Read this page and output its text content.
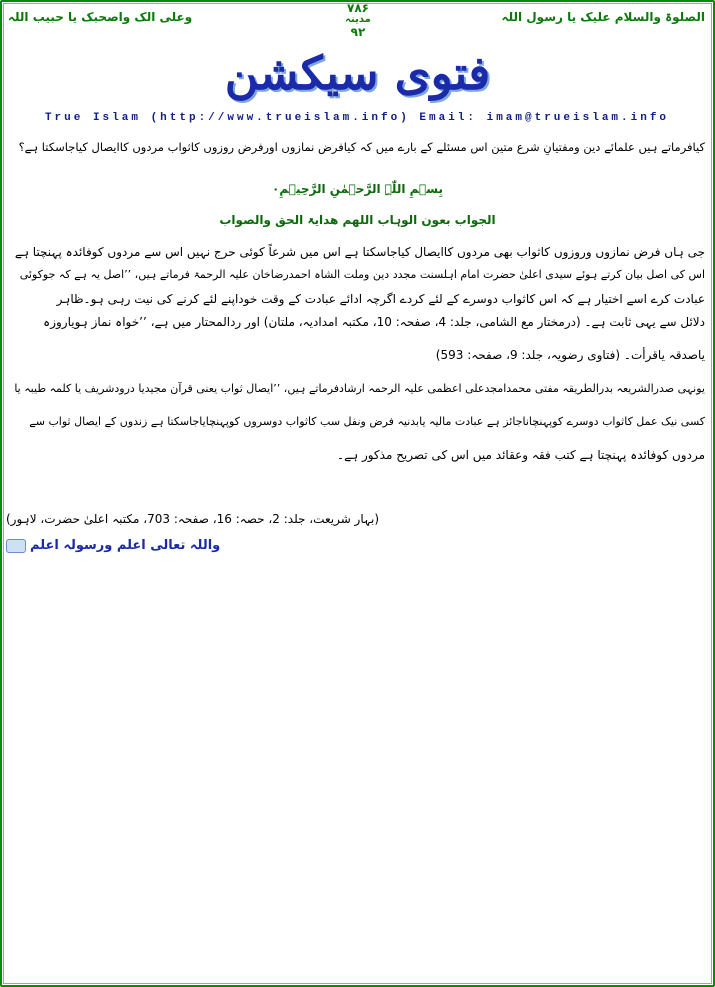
الصلوۃ والسلام علیک یا رسول اللہ
وعلی الک واصحبک یا حبیب اللہ
۷۸۶
مدینہ
۹۲
فتوی سیکشن
True Islam (http://www.trueislam.info) Email: imam@trueislam.info
کیافرماتے ہیں علمائے دین ومفتیانِ شرع متین اس مسئلے کے بارے میں کہ کیافرض نمازوں اورفرض روزوں کاثواب مردوں کاایصال کیاجاسکتا ہے؟
بِسۡمِ اللّٰہِ الرَّحۡمٰنِ الرَّحِیۡمِ۰
الجواب بعون الوہاب اللھم ھدایۃ الحق والصواب
جی ہاں فرض نمازوں وروزوں کاثواب بھی مردوں کاایصال کیاجاسکتا ہے اس میں شرعاً کوئی حرج نہیں اس سے مردوں کوفائدہ پہنچتا ہے
اس کی اصل بیان کرتے ہوئے سیدی اعلیٰ حضرت امام اہلسنت مجدد دین وملت الشاہ احمدرضاخان علیہ الرحمۃ فرماتے ہیں، ’’اصل یہ ہے کہ جوکوئی
عبادت کرے اسے اختیار ہے کہ اس کاثواب دوسرے کے لئے کردے اگرچہ ادائے عبادت کے وقت خوداپنے لئے کرنے کی نیت رہی ہو۔ظاہر
دلائل سے یہی ثابت ہے۔ (درمختار مع الشامی، جلد: 4، صفحہ: 10، مکتبہ امدادیہ، ملتان) اور ردالمحتار میں ہے، ’’خواہ نماز ہویاروزہ
یاصدقہ یاقرأت۔ (فتاوی رضویہ، جلد: 9، صفحہ: 593)
یونہی صدرالشریعہ بدرالطریقہ مفتی محمدامجدعلی اعظمی علیہ الرحمہ ارشادفرماتے ہیں، ’’ایصال ثواب یعنی قرآن مجیدیا درودشریف یا کلمہ طیبہ یا
کسی نیک عمل کاثواب دوسرے کوپہنچاناجائز ہے عبادت مالیہ یابدنیہ فرض ونفل سب کاثواب دوسروں کوپہنچایاجاسکتا ہے زندوں کے ایصال ثواب سے
مردوں کوفائدہ پہنچتا ہے کتب فقہ وعقائد میں اس کی تصریح مذکور ہے۔
(بہار شریعت، جلد: 2، حصہ: 16، صفحہ: 703، مکتبہ اعلیٰ حضرت، لاہور)
واللہ تعالی اعلم ورسولہ اعلم
